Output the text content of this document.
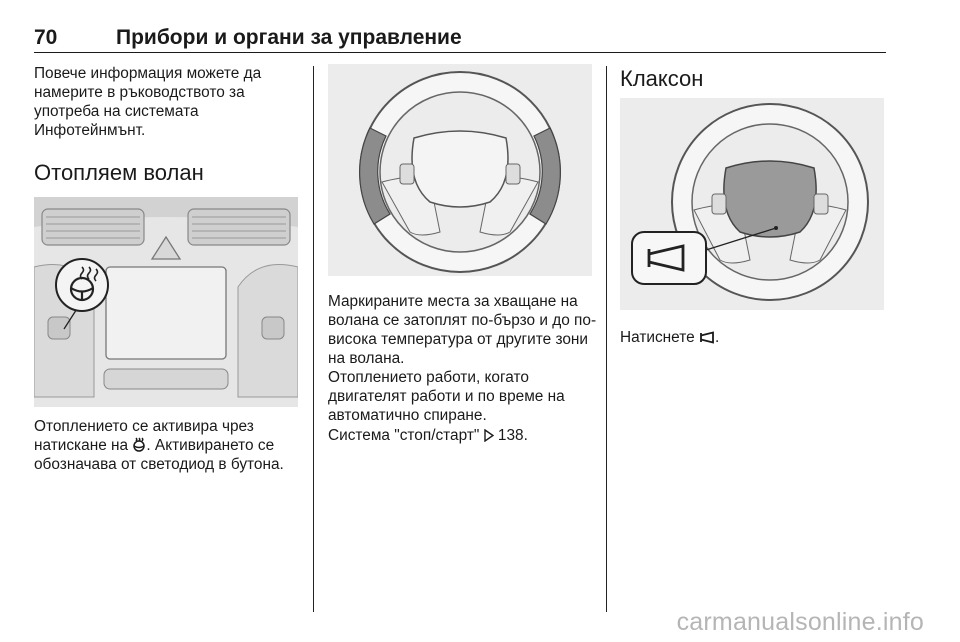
70	Прибори и органи за управление

Повече информация можете да намерите в ръководството за употреба на системата Инфотейнмънт.

Отопляем волан

Отоплението се активира чрез натискане на
. Активирането се обозначава от светодиод в бутона.

Маркираните места за хващане на волана се затоплят по-бързо и до по-висока температура от другите зони на волана.

Отоплението работи, когато двигателят работи и по време на автоматично спиране.

Система "стоп/старт"
138.

Клаксон

Натиснете
.

carmanualsonline.info
